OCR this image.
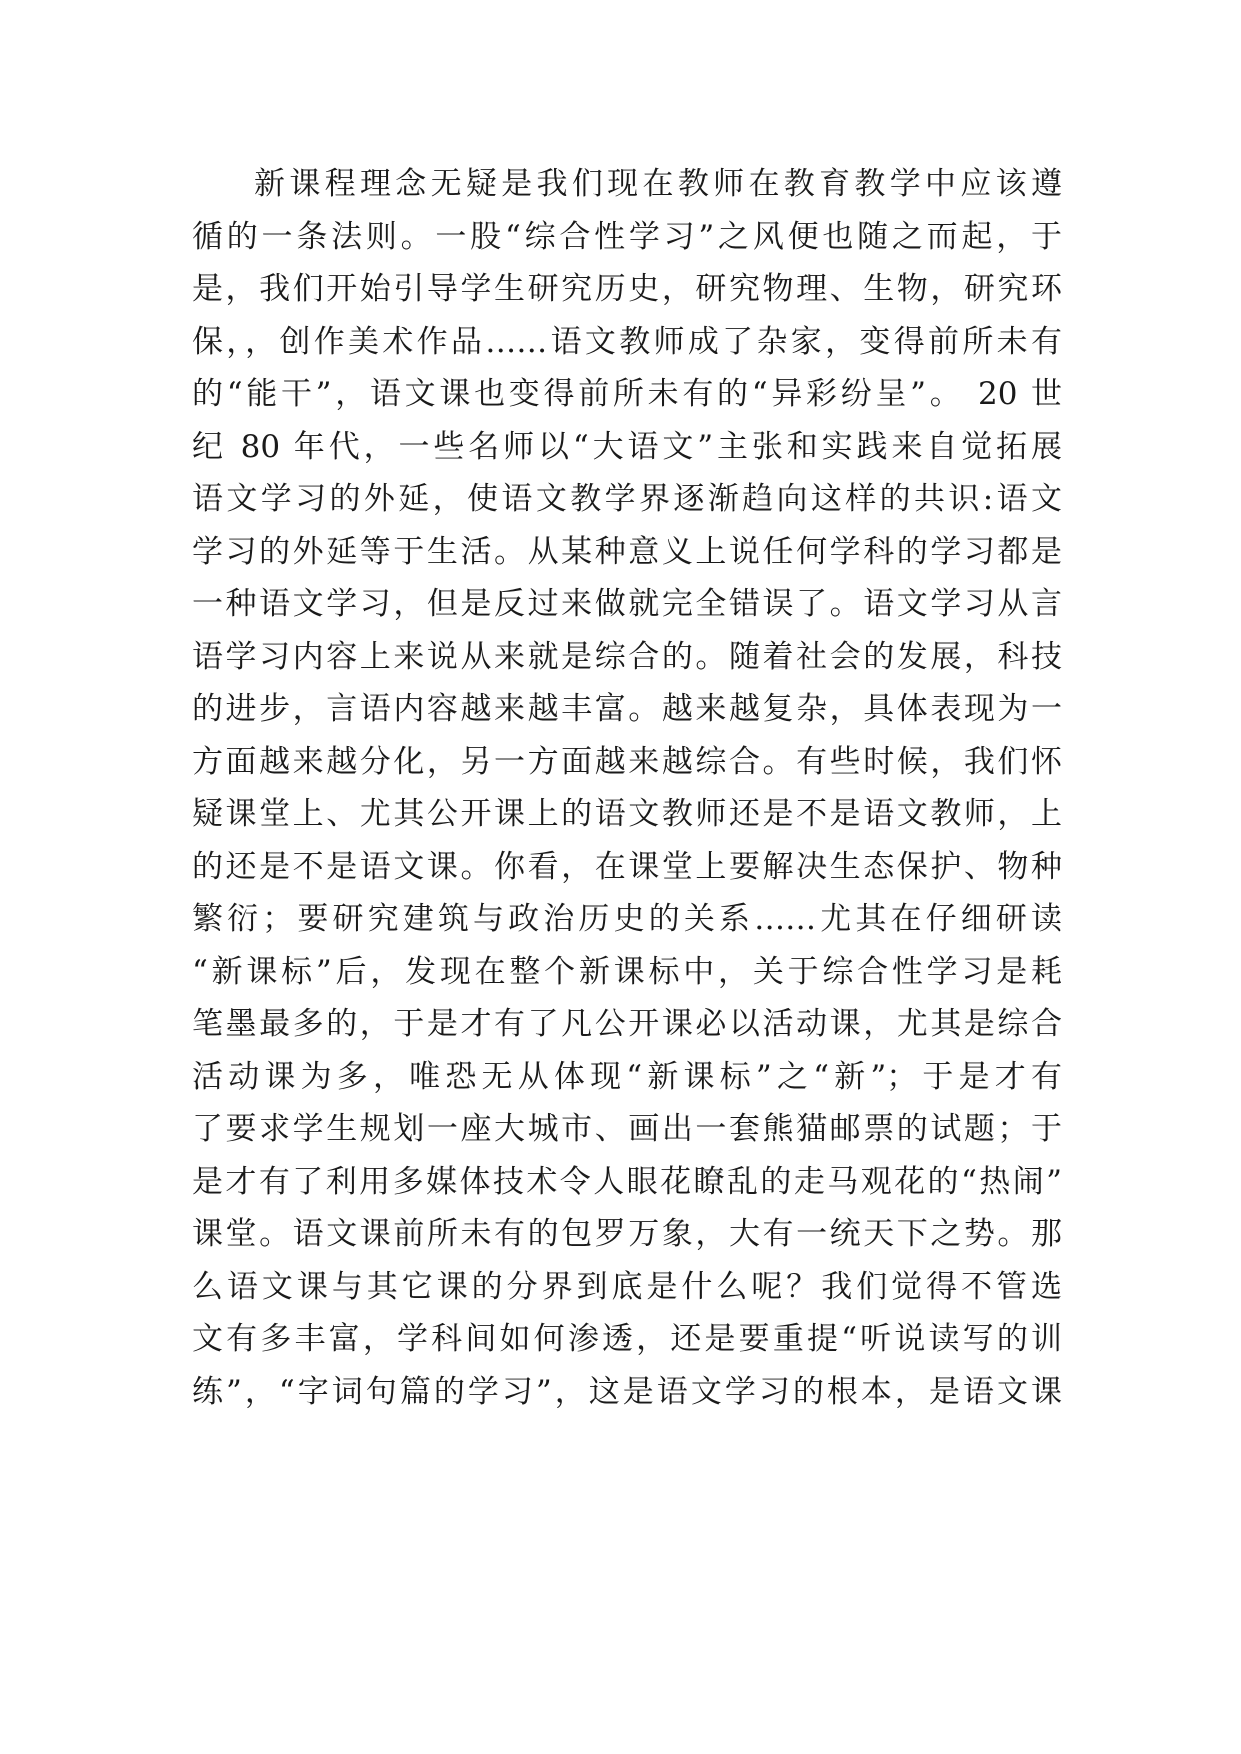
新课程理念无疑是我们现在教师在教育教学中应该遵
循的一条法则。一股“综合性学习”之风便也随之而起，于
是，我们开始引导学生研究历史，研究物理、生物，研究环
保，，创作美术作品……语文教师成了杂家，变得前所未有
的“能干”，语文课也变得前所未有的“异彩纷呈”。 20 世
纪 80 年代，一些名师以“大语文”主张和实践来自觉拓展
语文学习的外延，使语文教学界逐渐趋向这样的共识:语文
学习的外延等于生活。从某种意义上说任何学科的学习都是
一种语文学习，但是反过来做就完全错误了。语文学习从言
语学习内容上来说从来就是综合的。随着社会的发展，科技
的进步，言语内容越来越丰富。越来越复杂，具体表现为一
方面越来越分化，另一方面越来越综合。有些时候，我们怀
疑课堂上、尤其公开课上的语文教师还是不是语文教师，上
的还是不是语文课。你看，在课堂上要解决生态保护、物种
繁衍；要研究建筑与政治历史的关系……尤其在仔细研读
“新课标”后，发现在整个新课标中，关于综合性学习是耗
笔墨最多的，于是才有了凡公开课必以活动课，尤其是综合
活动课为多，唯恐无从体现“新课标”之“新”；于是才有
了要求学生规划一座大城市、画出一套熊猫邮票的试题；于
是才有了利用多媒体技术令人眼花瞭乱的走马观花的“热闹”
课堂。语文课前所未有的包罗万象，大有一统天下之势。那
么语文课与其它课的分界到底是什么呢？我们觉得不管选
文有多丰富，学科间如何渗透，还是要重提“听说读写的训
练”，“字词句篇的学习”，这是语文学习的根本，是语文课
